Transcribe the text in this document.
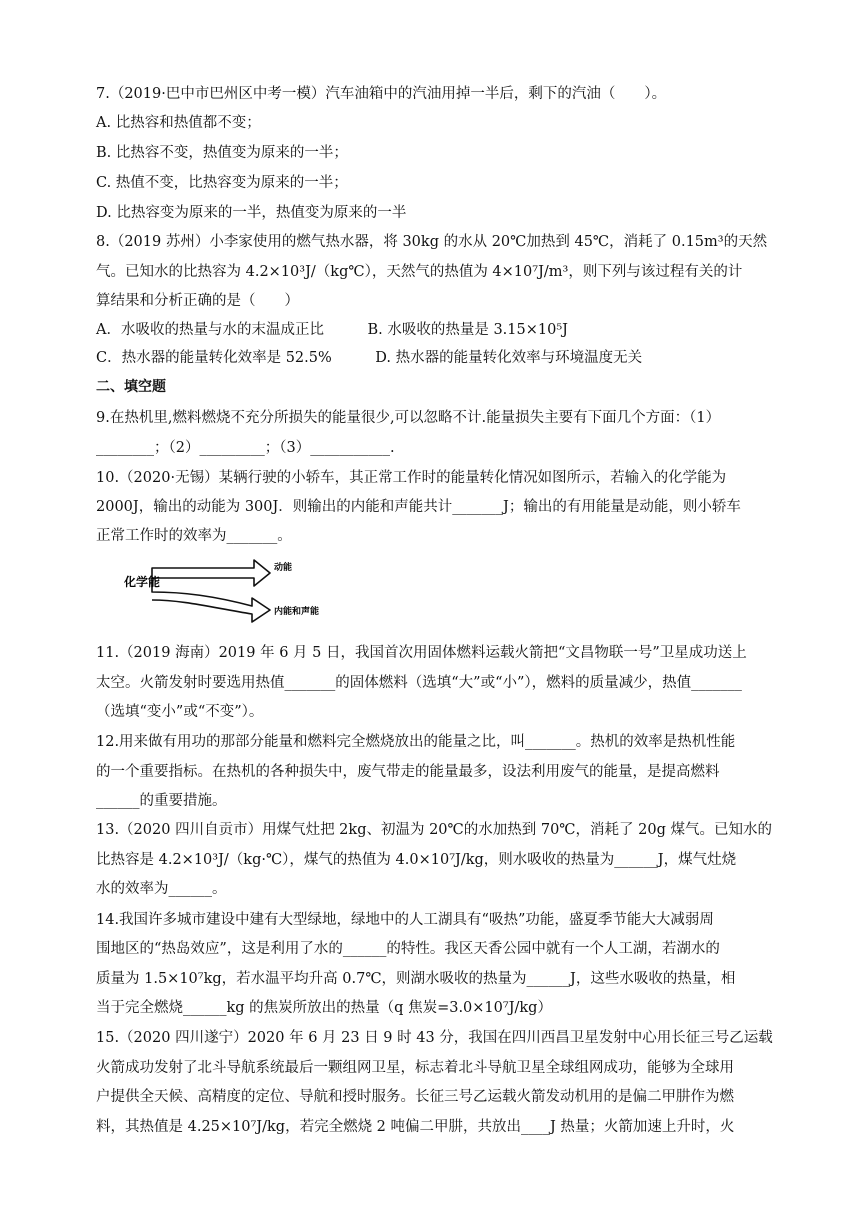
7.（2019·巴中市巴州区中考一模）汽车油箱中的汽油用掉一半后，剩下的汽油（　　）。
A. 比热容和热值都不变；
B. 比热容不变，热值变为原来的一半；
C. 热值不变，比热容变为原来的一半；
D. 比热容变为原来的一半，热值变为原来的一半
8.（2019 苏州）小李家使用的燃气热水器，将 30kg 的水从 20℃加热到 45℃，消耗了 0.15m³的天然
气。已知水的比热容为 4.2×10³J/（kg℃），天然气的热值为 4×10⁷J/m³，则下列与该过程有关的计
算结果和分析正确的是（　　）
A．水吸收的热量与水的末温成正比　　　B. 水吸收的热量是 3.15×10⁵J
C．热水器的能量转化效率是 52.5%　　　D. 热水器的能量转化效率与环境温度无关
二、填空题
9.在热机里,燃料燃烧不充分所损失的能量很少,可以忽略不计.能量损失主要有下面几个方面：（1）
________；（2）_________；（3）___________.
10.（2020·无锡）某辆行驶的小轿车，其正常工作时的能量转化情况如图所示，若输入的化学能为
2000J，输出的动能为 300J．则输出的内能和声能共计_______J；输出的有用能量是动能，则小轿车
正常工作时的效率为_______。
化学能
动能
内能和声能
11.（2019 海南）2019 年 6 月 5 日，我国首次用固体燃料运载火箭把“文昌物联一号”卫星成功送上
太空。火箭发射时要选用热值_______的固体燃料（选填“大”或“小”），燃料的质量减少，热值_______
（选填“变小”或“不变”）。
12.用来做有用功的那部分能量和燃料完全燃烧放出的能量之比，叫_______。热机的效率是热机性能
的一个重要指标。在热机的各种损失中，废气带走的能量最多，设法利用废气的能量，是提高燃料
______的重要措施。
13.（2020 四川自贡市）用煤气灶把 2kg、初温为 20℃的水加热到 70℃，消耗了 20g 煤气。已知水的
比热容是 4.2×10³J/（kg·℃），煤气的热值为 4.0×10⁷J/kg，则水吸收的热量为______J，煤气灶烧
水的效率为______。
14.我国许多城市建设中建有大型绿地，绿地中的人工湖具有“吸热”功能，盛夏季节能大大减弱周
围地区的“热岛效应”，这是利用了水的______的特性。我区天香公园中就有一个人工湖，若湖水的
质量为 1.5×10⁷kg，若水温平均升高 0.7℃，则湖水吸收的热量为______J，这些水吸收的热量，相
当于完全燃烧______kg 的焦炭所放出的热量（q 焦炭=3.0×10⁷J/kg）
15.（2020 四川遂宁）2020 年 6 月 23 日 9 时 43 分，我国在四川西昌卫星发射中心用长征三号乙运载
火箭成功发射了北斗导航系统最后一颗组网卫星，标志着北斗导航卫星全球组网成功，能够为全球用
户提供全天候、高精度的定位、导航和授时服务。长征三号乙运载火箭发动机用的是偏二甲肼作为燃
料，其热值是 4.25×10⁷J/kg，若完全燃烧 2 吨偏二甲肼，共放出____J 热量；火箭加速上升时，火
